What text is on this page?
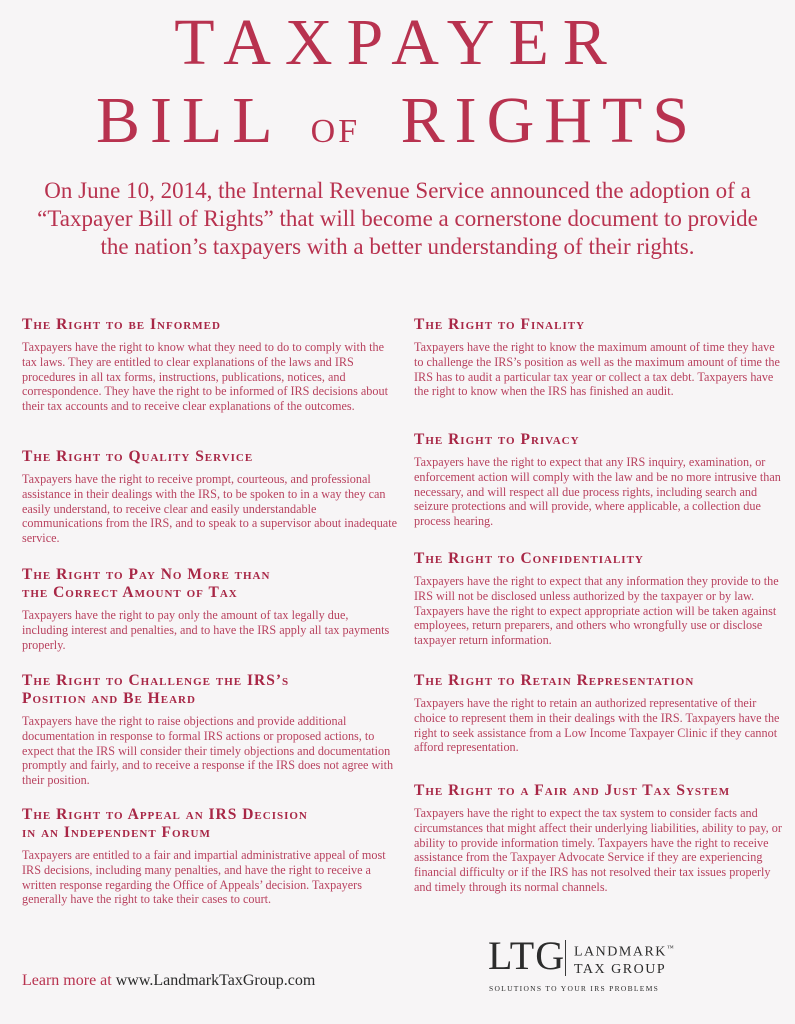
TAXPAYER
BILL OF RIGHTS
On June 10, 2014, the Internal Revenue Service announced the adoption of a “Taxpayer Bill of Rights” that will become a cornerstone document to provide the nation’s taxpayers with a better understanding of their rights.
The Right to be Informed

Taxpayers have the right to know what they need to do to comply with the tax laws. They are entitled to clear explanations of the laws and IRS procedures in all tax forms, instructions, publications, notices, and correspondence. They have the right to be informed of IRS decisions about their tax accounts and to receive clear explanations of the outcomes.

The Right to Quality Service

Taxpayers have the right to receive prompt, courteous, and professional assistance in their dealings with the IRS, to be spoken to in a way they can easily understand, to receive clear and easily understandable communications from the IRS, and to speak to a supervisor about inadequate service.

The Right to Pay No More than
the Correct Amount of Tax

Taxpayers have the right to pay only the amount of tax legally due, including interest and penalties, and to have the IRS apply all tax payments properly.

The Right to Challenge the IRS’s
Position and Be Heard

Taxpayers have the right to raise objections and provide additional documentation in response to formal IRS actions or proposed actions, to expect that the IRS will consider their timely objections and documentation promptly and fairly, and to receive a response if the IRS does not agree with their position.

The Right to Appeal an IRS Decision
in an Independent Forum

Taxpayers are entitled to a fair and impartial administrative appeal of most IRS decisions, including many penalties, and have the right to receive a written response regarding the Office of Appeals’ decision. Taxpayers generally have the right to take their cases to court.

The Right to Finality

Taxpayers have the right to know the maximum amount of time they have to challenge the IRS’s position as well as the maximum amount of time the IRS has to audit a particular tax year or collect a tax debt. Taxpayers have the right to know when the IRS has finished an audit.

The Right to Privacy

Taxpayers have the right to expect that any IRS inquiry, examination, or enforcement action will comply with the law and be no more intrusive than necessary, and will respect all due process rights, including search and seizure protections and will provide, where applicable, a collection due process hearing.

The Right to Confidentiality

Taxpayers have the right to expect that any information they provide to the IRS will not be disclosed unless authorized by the taxpayer or by law. Taxpayers have the right to expect appropriate action will be taken against employees, return preparers, and others who wrongfully use or disclose taxpayer return information.

The Right to Retain Representation

Taxpayers have the right to retain an authorized representative of their choice to represent them in their dealings with the IRS. Taxpayers have the right to seek assistance from a Low Income Taxpayer Clinic if they cannot afford representation.

The Right to a Fair and Just Tax System

Taxpayers have the right to expect the tax system to consider facts and circumstances that might affect their underlying liabilities, ability to pay, or ability to provide information timely. Taxpayers have the right to receive assistance from the Taxpayer Advocate Service if they are experiencing financial difficulty or if the IRS has not resolved their tax issues properly and timely through its normal channels.

Learn more at www.LandmarkTaxGroup.com
LTG LANDMARK™
TAX GROUP
SOLUTIONS TO YOUR IRS PROBLEMS
